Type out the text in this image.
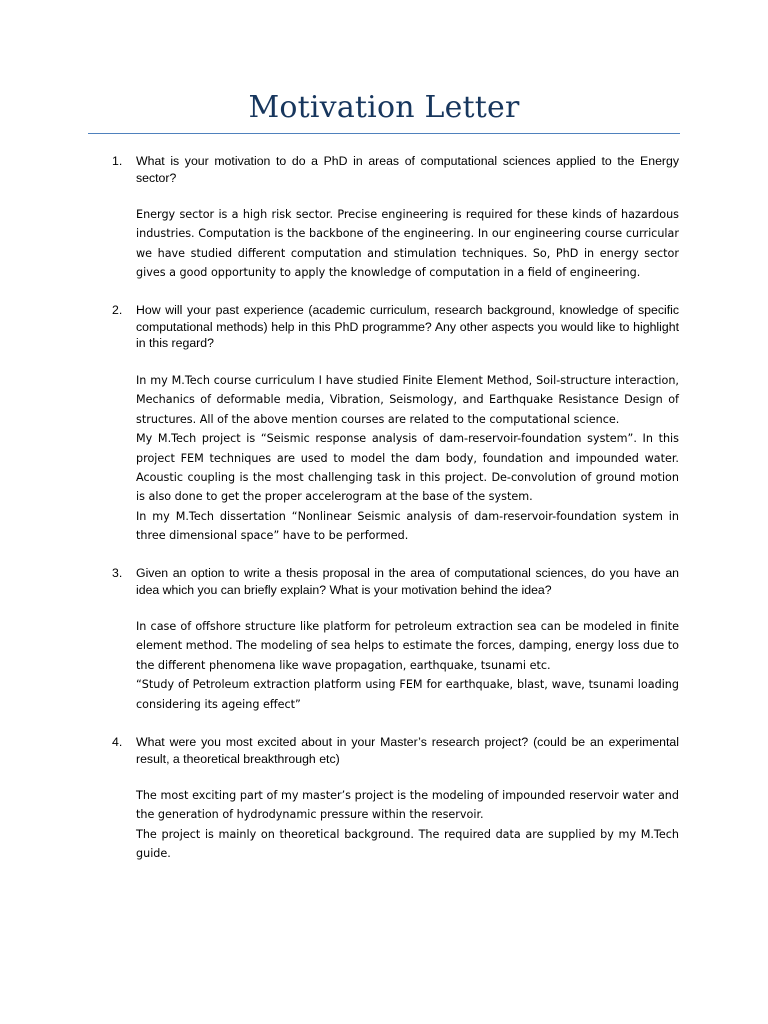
Motivation Letter
1. What is your motivation to do a PhD in areas of computational sciences applied to the Energy sector?

Energy sector is a high risk sector. Precise engineering is required for these kinds of hazardous industries. Computation is the backbone of the engineering. In our engineering course curricular we have studied different computation and stimulation techniques. So, PhD in energy sector gives a good opportunity to apply the knowledge of computation in a field of engineering.

2. How will your past experience (academic curriculum, research background, knowledge of specific computational methods) help in this PhD programme? Any other aspects you would like to highlight in this regard?

In my M.Tech course curriculum I have studied Finite Element Method, Soil-structure interaction, Mechanics of deformable media, Vibration, Seismology, and Earthquake Resistance Design of structures. All of the above mention courses are related to the computational science.

My M.Tech project is “Seismic response analysis of dam-reservoir-foundation system”. In this project FEM techniques are used to model the dam body, foundation and impounded water. Acoustic coupling is the most challenging task in this project. De-convolution of ground motion is also done to get the proper accelerogram at the base of the system.

In my M.Tech dissertation “Nonlinear Seismic analysis of dam-reservoir-foundation system in three dimensional space” have to be performed.

3. Given an option to write a thesis proposal in the area of computational sciences, do you have an idea which you can briefly explain? What is your motivation behind the idea?

In case of offshore structure like platform for petroleum extraction sea can be modeled in finite element method. The modeling of sea helps to estimate the forces, damping, energy loss due to the different phenomena like wave propagation, earthquake, tsunami etc.

“Study of Petroleum extraction platform using FEM for earthquake, blast, wave, tsunami loading considering its ageing effect”

4. What were you most excited about in your Master’s research project? (could be an experimental result, a theoretical breakthrough etc)

The most exciting part of my master’s project is the modeling of impounded reservoir water and the generation of hydrodynamic pressure within the reservoir.

The project is mainly on theoretical background. The required data are supplied by my M.Tech guide.
